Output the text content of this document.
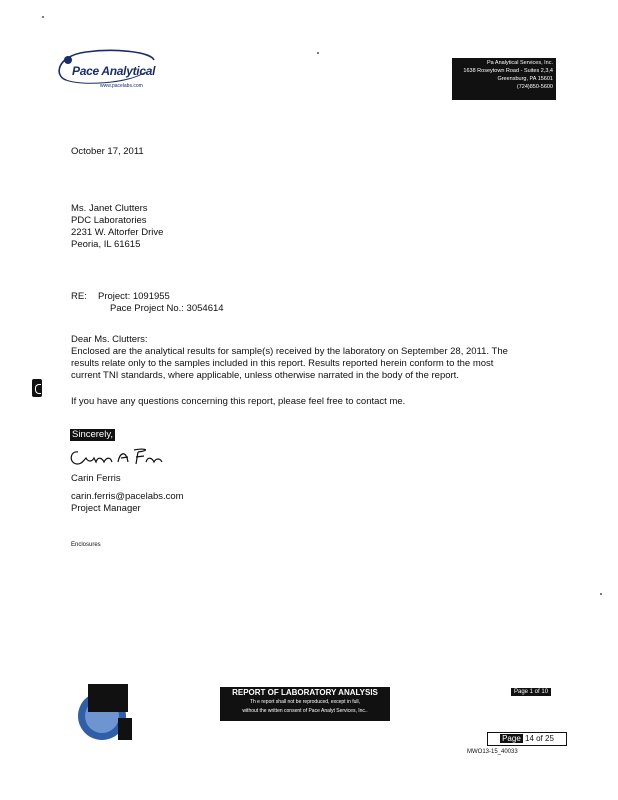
Pace Analytical
www.pacelabs.com
Pa Analytical Services, Inc.
1638 Roseytown Road - Suites 2,3,4
Greensburg, PA 15601
(724)850-5600
October 17, 2011
Ms. Janet Clutters
PDC Laboratories
2231 W. Altorfer Drive
Peoria, IL 61615
RE: Project: 1091955
Pace Project No.: 3054614
Dear Ms. Clutters:
Enclosed are the analytical results for sample(s) received by the laboratory on September 28, 2011. The results relate only to the samples included in this report. Results reported herein conform to the most current TNI standards, where applicable, unless otherwise narrated in the body of the report.
If you have any questions concerning this report, please feel free to contact me.
Sincerely,
Carin Ferris
carin.ferris@pacelabs.com
Project Manager
Enclosures
REPORT OF LABORATORY ANALYSIS
Th e report shall not be reproduced, except in full,
without the written consent of Pace Analyt Services, Inc..
Page 1 of 10
Page 14 of 25
MWO13-15_40033
